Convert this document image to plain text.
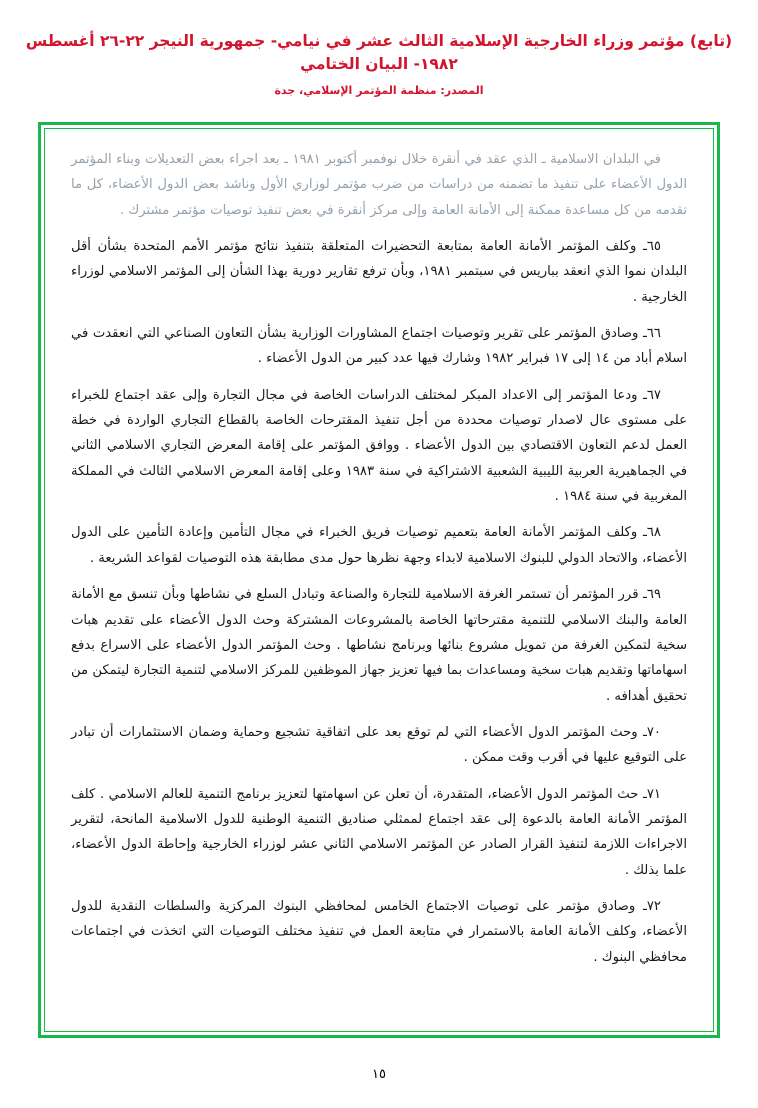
(تابع) مؤتمر وزراء الخارجية الإسلامية الثالث عشر في نيامي- جمهورية النيجر ٢٢-٢٦ أغسطس ١٩٨٢- البيان الختامي
المصدر: منظمة المؤتمر الإسلامي، جدة

في البلدان الاسلامية ـ الذي عقد في أنقرة خلال نوفمبر أكتوبر ١٩٨١ ـ بعد اجراء بعض التعديلات وبناء المؤتمر الدول الأعضاء على تنفيذ ما تضمنه من دراسات من ضرب مؤتمر لوزاري الأول وناشد بعض الدول الأعضاء، كل ما تقدمه من كل مساعدة ممكنة إلى الأمانة العامة وإلى مركز أنقرة في بعض تنفيذ توصيات مؤتمر مشترك .

٦٥ـ وكلف المؤتمر الأمانة العامة بمتابعة التحضيرات المتعلقة بتنفيذ نتائج مؤتمر الأمم المتحدة بشأن أقل البلدان نموا الذي انعقد بباريس في سبتمبر ١٩٨١، وبأن ترفع تقارير دورية بهذا الشأن إلى المؤتمر الاسلامي لوزراء الخارجية .

٦٦ـ وصادق المؤتمر على تقرير وتوصيات اجتماع المشاورات الوزارية بشأن التعاون الصناعي التي انعقدت في اسلام أباد من ١٤ إلى ١٧ فبراير ١٩٨٢ وشارك فيها عدد كبير من الدول الأعضاء .

٦٧ـ ودعا المؤتمر إلى الاعداد المبكر لمختلف الدراسات الخاصة في مجال التجارة وإلى عقد اجتماع للخبراء على مستوى عال لاصدار توصيات محددة من أجل تنفيذ المقترحات الخاصة بالقطاع التجاري الواردة في خطة العمل لدعم التعاون الاقتصادي بين الدول الأعضاء . ووافق المؤتمر على إقامة المعرض التجاري الاسلامي الثاني في الجماهيرية العربية الليبية الشعبية الاشتراكية في سنة ١٩٨٣ وعلى إقامة المعرض الاسلامي الثالث في المملكة المغربية في سنة ١٩٨٤ .

٦٨ـ وكلف المؤتمر الأمانة العامة بتعميم توصيات فريق الخبراء في مجال التأمين وإعادة التأمين على الدول الأعضاء، والاتحاد الدولي للبنوك الاسلامية لابداء وجهة نظرها حول مدى مطابقة هذه التوصيات لقواعد الشريعة .

٦٩ـ قرر المؤتمر أن تستمر الغرفة الاسلامية للتجارة والصناعة وتبادل السلع في نشاطها وبأن تنسق مع الأمانة العامة والبنك الاسلامي للتنمية مقترحاتها الخاصة بالمشروعات المشتركة وحث الدول الأعضاء على تقديم هبات سخية لتمكين الغرفة من تمويل مشروع بنائها وبرنامج نشاطها . وحث المؤتمر الدول الأعضاء على الاسراع بدفع اسهاماتها وتقديم هبات سخية ومساعدات بما فيها تعزيز جهاز الموظفين للمركز الاسلامي لتنمية التجارة ليتمكن من تحقيق أهدافه .

٧٠ـ وحث المؤتمر الدول الأعضاء التي لم توقع بعد على اتفاقية تشجيع وحماية وضمان الاستثمارات أن تبادر على التوقيع عليها في أقرب وقت ممكن .

٧١ـ حث المؤتمر الدول الأعضاء، المتقدرة، أن تعلن عن اسهامتها لتعزيز برنامج التنمية للعالم الاسلامي . كلف المؤتمر الأمانة العامة بالدعوة إلى عقد اجتماع لممثلي صناديق التنمية الوطنية للدول الاسلامية المانحة، لتقرير الاجراءات اللازمة لتنفيذ القرار الصادر عن المؤتمر الاسلامي الثاني عشر لوزراء الخارجية وإحاطة الدول الأعضاء، علما بذلك .

٧٢ـ وصادق مؤتمر على توصيات الاجتماع الخامس لمحافظي البنوك المركزية والسلطات النقدية للدول الأعضاء، وكلف الأمانة العامة بالاستمرار في متابعة العمل في تنفيذ مختلف التوصيات التي اتخذت في اجتماعات محافظي البنوك .

١٥
